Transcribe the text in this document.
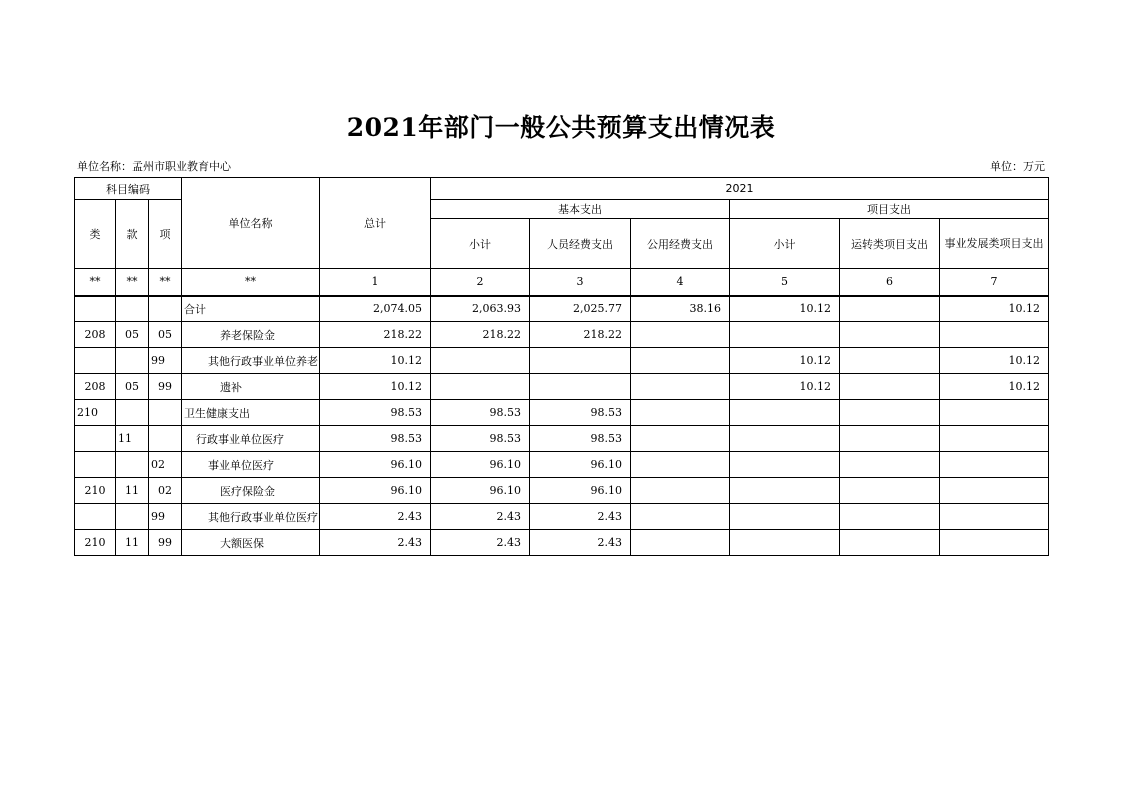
2021年部门一般公共预算支出情况表
单位名称：孟州市职业教育中心	单位：万元
科目编码			单位名称	总计	2021					
类	款	项			基本支出			项目支出		
					小计	人员经费支出	公用经费支出	小计	运转类项目支出	事业发展类项目支出
**	**	**	**	1	2	3	4	5	6	7
			合计	2,074.05	2,063.93	2,025.77	38.16	10.12		10.12
208	05	05	养老保险金	218.22	218.22	218.22				
		99	其他行政事业单位养老	10.12				10.12		10.12
208	05	99	遗补	10.12				10.12		10.12
210			卫生健康支出	98.53	98.53	98.53				
	11		行政事业单位医疗	98.53	98.53	98.53				
		02	事业单位医疗	96.10	96.10	96.10				
210	11	02	医疗保险金	96.10	96.10	96.10				
		99	其他行政事业单位医疗	2.43	2.43	2.43				
210	11	99	大额医保	2.43	2.43	2.43				
